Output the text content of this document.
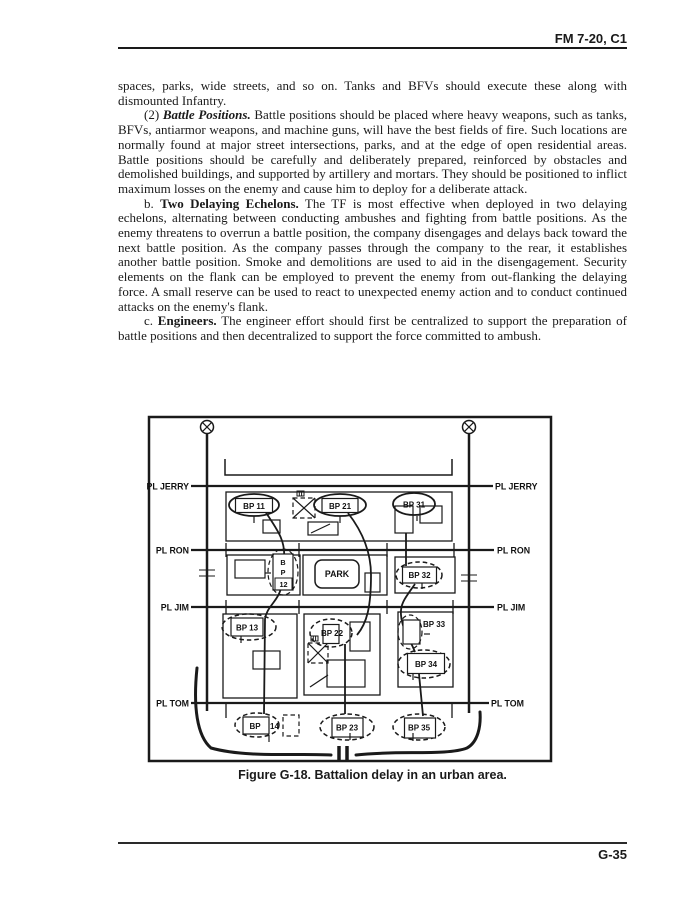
FM 7-20, C1

spaces, parks, wide streets, and so on. Tanks and BFVs should execute these along with dismounted Infantry.

(2) Battle Positions. Battle positions should be placed where heavy weapons, such as tanks, BFVs, antiarmor weapons, and machine guns, will have the best fields of fire. Such locations are normally found at major street intersections, parks, and at the edge of open residential areas. Battle positions should be carefully and deliberately prepared, reinforced by obstacles and demolished buildings, and supported by artillery and mortars. They should be positioned to inflict maximum losses on the enemy and cause him to deploy for a deliberate attack.

b. Two Delaying Echelons. The TF is most effective when deployed in two delaying echelons, alternating between conducting ambushes and fighting from battle positions. As the enemy threatens to overrun a battle position, the company disengages and delays back toward the next battle position. As the company passes through the company to the rear, it establishes another battle position. Smoke and demolitions are used to aid in the disengagement. Security elements on the flank can be employed to prevent the enemy from out-flanking the delaying force. A small reserve can be used to react to unexpected enemy action and to conduct continued attacks on the enemy's flank.

c. Engineers. The engineer effort should first be centralized to support the preparation of battle positions and then decentralized to support the force committed to ambush.

PL JERRY	PL JERRY
PL RON	PL RON
PL JIM	PL JIM
PL TOM	PL TOM
BP 11	BP 21	BP 31
B
P
12
BP 32
BP 13
BP 22
BP 33
BP 34
BP 14	BP 23	BP 35
PARK
Figure G-18. Battalion delay in an urban area.
G-35
